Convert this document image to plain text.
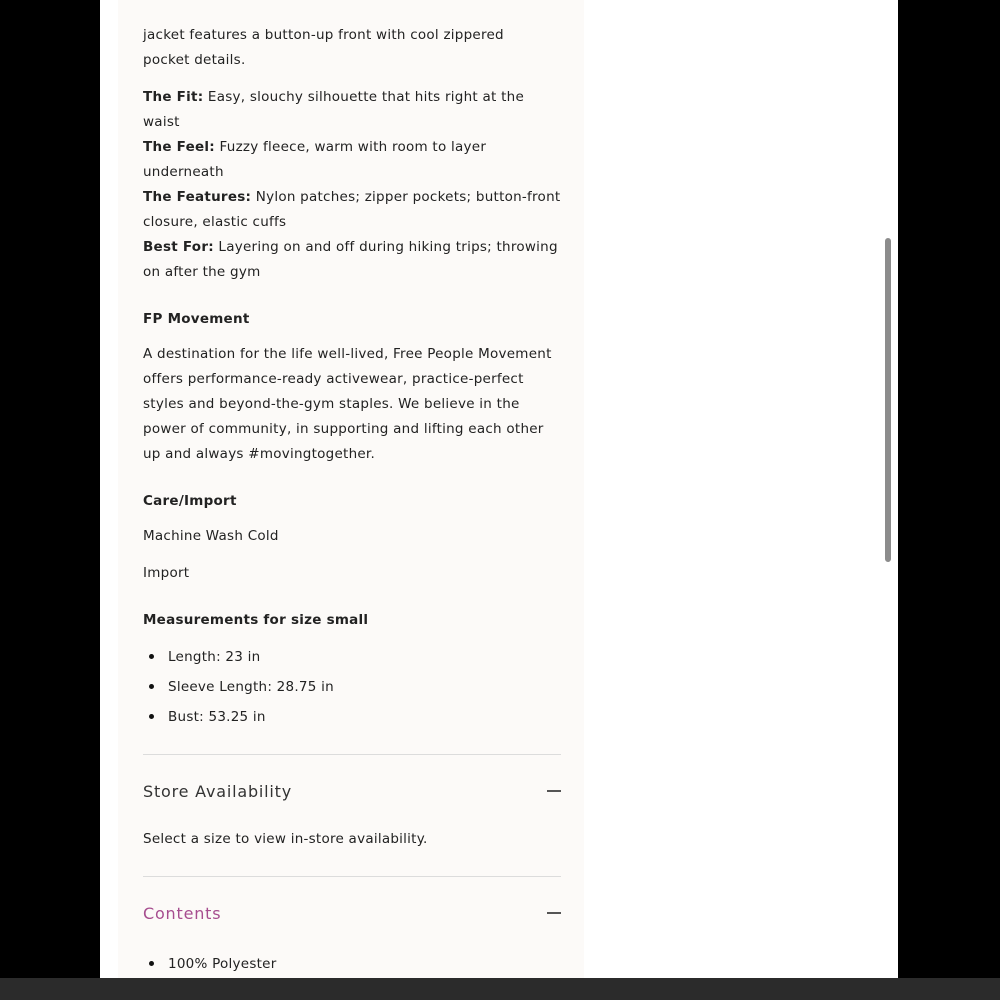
jacket features a button-up front with cool zippered

pocket details.

The Fit: Easy, slouchy silhouette that hits right at the waist

The Feel: Fuzzy fleece, warm with room to layer underneath

The Features: Nylon patches; zipper pockets; button-front closure, elastic cuffs

Best For: Layering on and off during hiking trips; throwing on after the gym

FP Movement

A destination for the life well-lived, Free People Movement offers performance-ready activewear, practice-perfect styles and beyond-the-gym staples. We believe in the power of community, in supporting and lifting each other up and always #movingtogether.

Care/Import

Machine Wash Cold

Import

Measurements for size small

Length: 23 in
Sleeve Length: 28.75 in
Bust: 53.25 in
Store Availability

Select a size to view in-store availability.

Contents
100% Polyester
